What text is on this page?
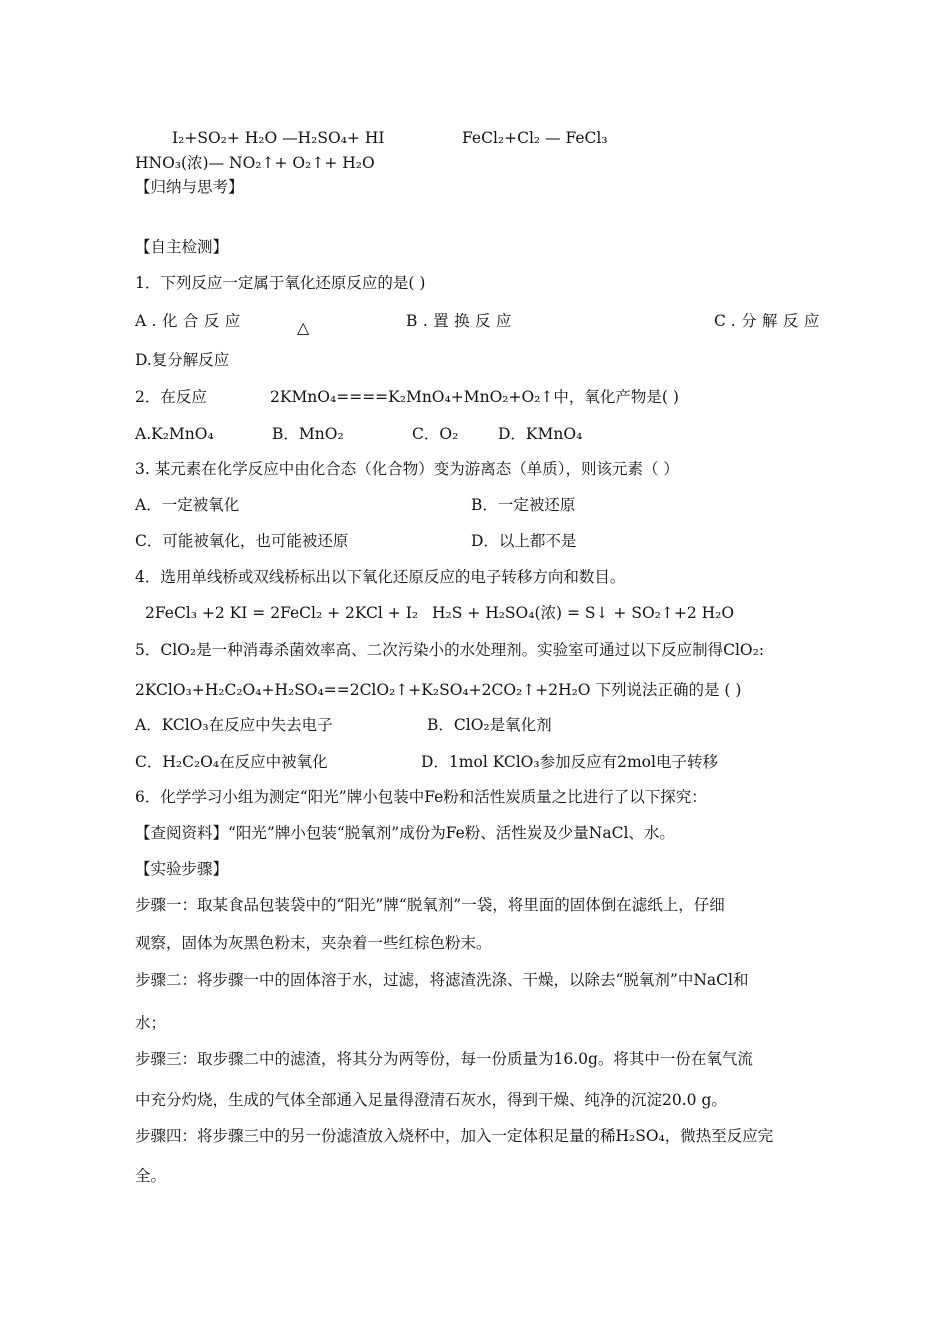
I₂+SO₂+ H₂O —H₂SO₄+ HI	FeCl₂+Cl₂ — FeCl₃
HNO₃(浓)— NO₂↑+ O₂↑+ H₂O
【归纳与思考】
【自主检测】
1．下列反应一定属于氧化还原反应的是( )
A.化合反应	B.置换反应	C.分解反应
△
D.复分解反应
2．在反应	2KMnO₄====K₂MnO₄+MnO₂+O₂↑中，氧化产物是( )
A.K₂MnO₄	B．MnO₂	C．O₂	D．KMnO₄
3. 某元素在化学反应中由化合态（化合物）变为游离态（单质），则该元素（ ）
A．一定被氧化	B．一定被还原
C．可能被氧化，也可能被还原	D．以上都不是
4．选用单线桥或双线桥标出以下氧化还原反应的电子转移方向和数目。
2FeCl₃ +2 KI = 2FeCl₂ + 2KCl + I₂ H₂S + H₂SO₄(浓) = S↓ + SO₂↑+2 H₂O
5．ClO₂是一种消毒杀菌效率高、二次污染小的水处理剂。实验室可通过以下反应制得ClO₂:
2KClO₃+H₂C₂O₄+H₂SO₄==2ClO₂↑+K₂SO₄+2CO₂↑+2H₂O 下列说法正确的是 ( )
A．KClO₃在反应中失去电子	B．ClO₂是氧化剂
C．H₂C₂O₄在反应中被氧化	D．1mol KClO₃参加反应有2mol电子转移
6．化学学习小组为测定“阳光”牌小包装中Fe粉和活性炭质量之比进行了以下探究：
【查阅资料】“阳光”牌小包装“脱氧剂”成份为Fe粉、活性炭及少量NaCl、水。
【实验步骤】
步骤一：取某食品包装袋中的“阳光”牌“脱氧剂”一袋，将里面的固体倒在滤纸上，仔细
观察，固体为灰黑色粉末，夹杂着一些红棕色粉末。
步骤二：将步骤一中的固体溶于水，过滤，将滤渣洗涤、干燥，以除去“脱氧剂”中NaCl和
水；
步骤三：取步骤二中的滤渣，将其分为两等份，每一份质量为16.0g。将其中一份在氧气流
中充分灼烧，生成的气体全部通入足量得澄清石灰水，得到干燥、纯净的沉淀20.0 g。
步骤四：将步骤三中的另一份滤渣放入烧杯中，加入一定体积足量的稀H₂SO₄，微热至反应完
全。
